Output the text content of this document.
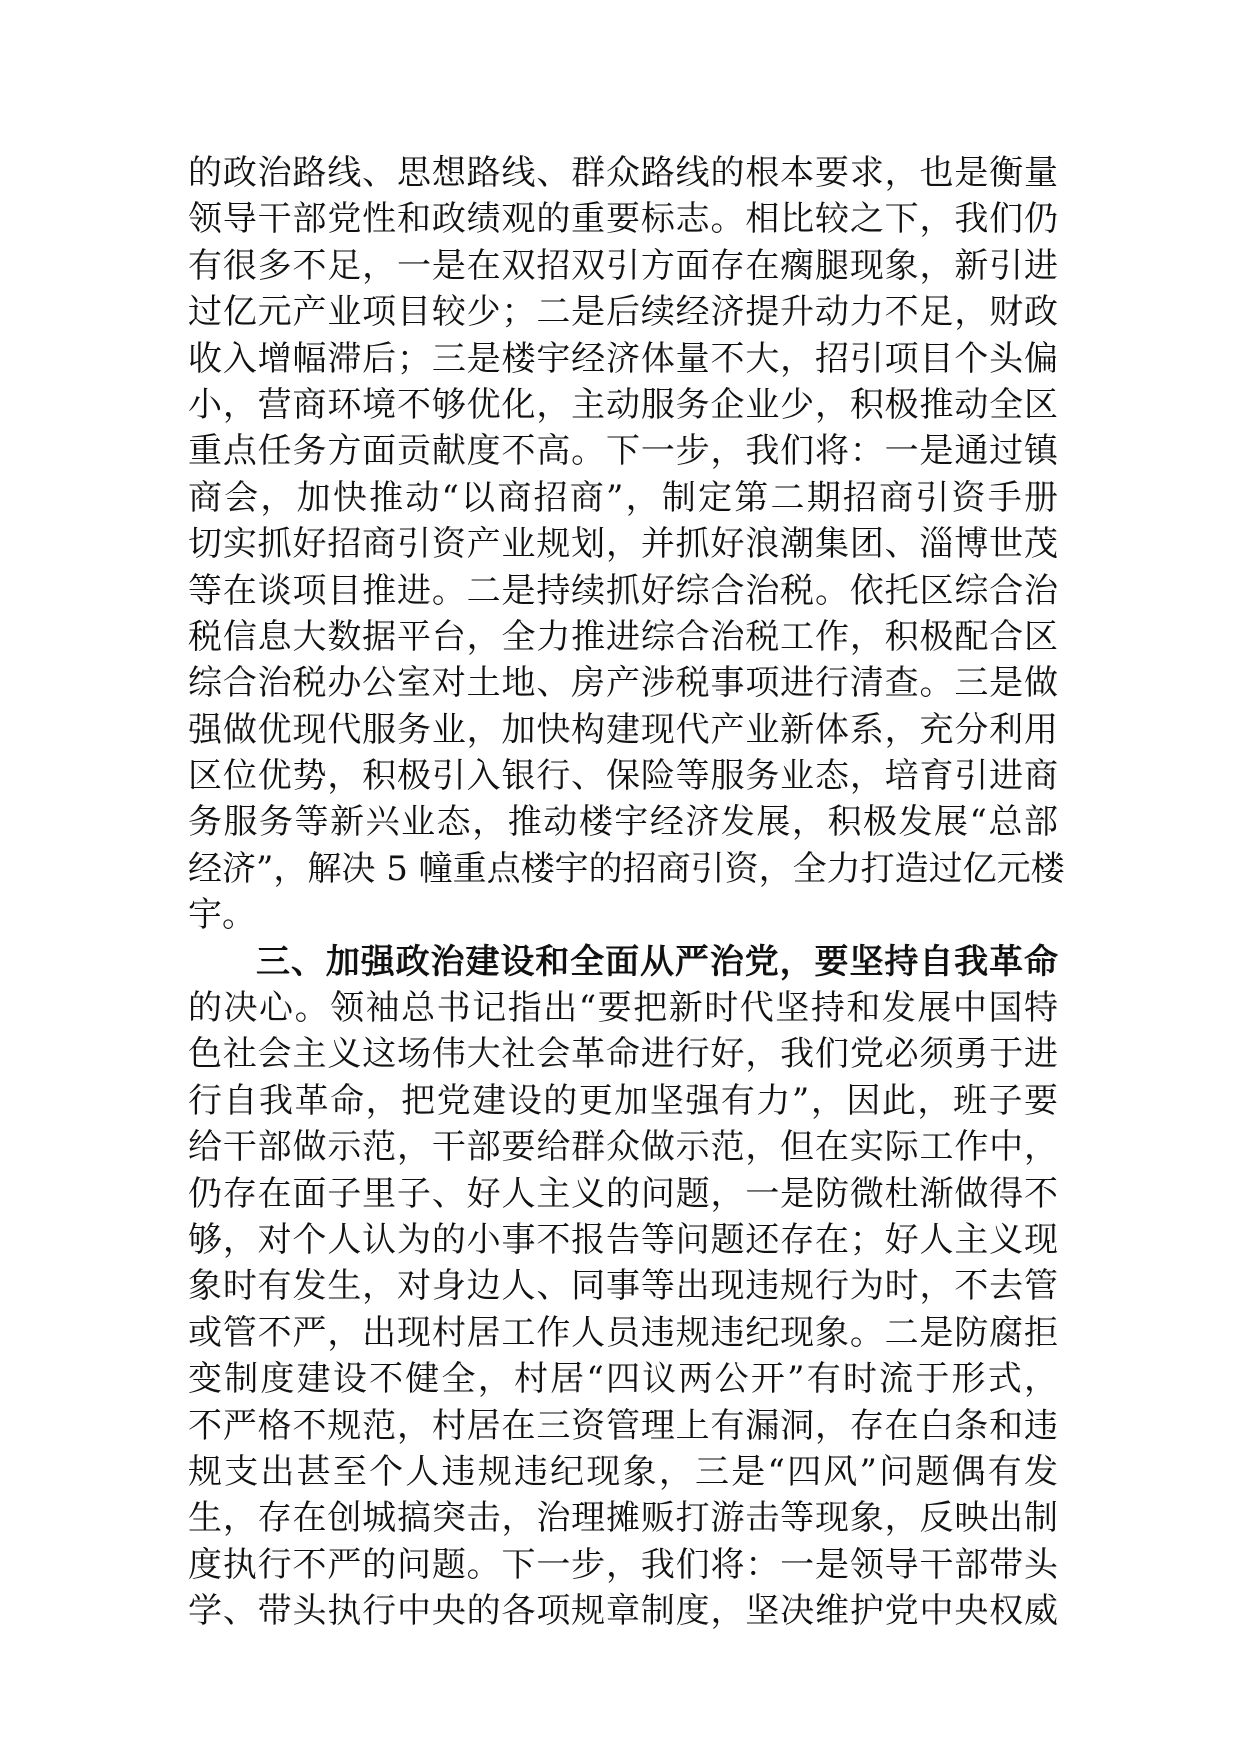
的政治路线、思想路线、群众路线的根本要求，也是衡量
领导干部党性和政绩观的重要标志。相比较之下，我们仍
有很多不足，一是在双招双引方面存在瘸腿现象，新引进
过亿元产业项目较少；二是后续经济提升动力不足，财政
收入增幅滞后；三是楼宇经济体量不大，招引项目个头偏
小，营商环境不够优化，主动服务企业少，积极推动全区
重点任务方面贡献度不高。下一步，我们将：一是通过镇
商会，加快推动“以商招商”，制定第二期招商引资手册
切实抓好招商引资产业规划，并抓好浪潮集团、淄博世茂
等在谈项目推进。二是持续抓好综合治税。依托区综合治
税信息大数据平台，全力推进综合治税工作，积极配合区
综合治税办公室对土地、房产涉税事项进行清查。三是做
强做优现代服务业，加快构建现代产业新体系，充分利用
区位优势，积极引入银行、保险等服务业态，培育引进商
务服务等新兴业态，推动楼宇经济发展，积极发展“总部
经济”，解决 5 幢重点楼宇的招商引资，全力打造过亿元楼
宇。
三、加强政治建设和全面从严治党，要坚持自我革命
的决心。领袖总书记指出“要把新时代坚持和发展中国特
色社会主义这场伟大社会革命进行好，我们党必须勇于进
行自我革命，把党建设的更加坚强有力”，因此，班子要
给干部做示范，干部要给群众做示范，但在实际工作中，
仍存在面子里子、好人主义的问题，一是防微杜渐做得不
够，对个人认为的小事不报告等问题还存在；好人主义现
象时有发生，对身边人、同事等出现违规行为时，不去管
或管不严，出现村居工作人员违规违纪现象。二是防腐拒
变制度建设不健全，村居“四议两公开”有时流于形式，
不严格不规范，村居在三资管理上有漏洞，存在白条和违
规支出甚至个人违规违纪现象，三是“四风”问题偶有发
生，存在创城搞突击，治理摊贩打游击等现象，反映出制
度执行不严的问题。下一步，我们将：一是领导干部带头
学、带头执行中央的各项规章制度，坚决维护党中央权威
